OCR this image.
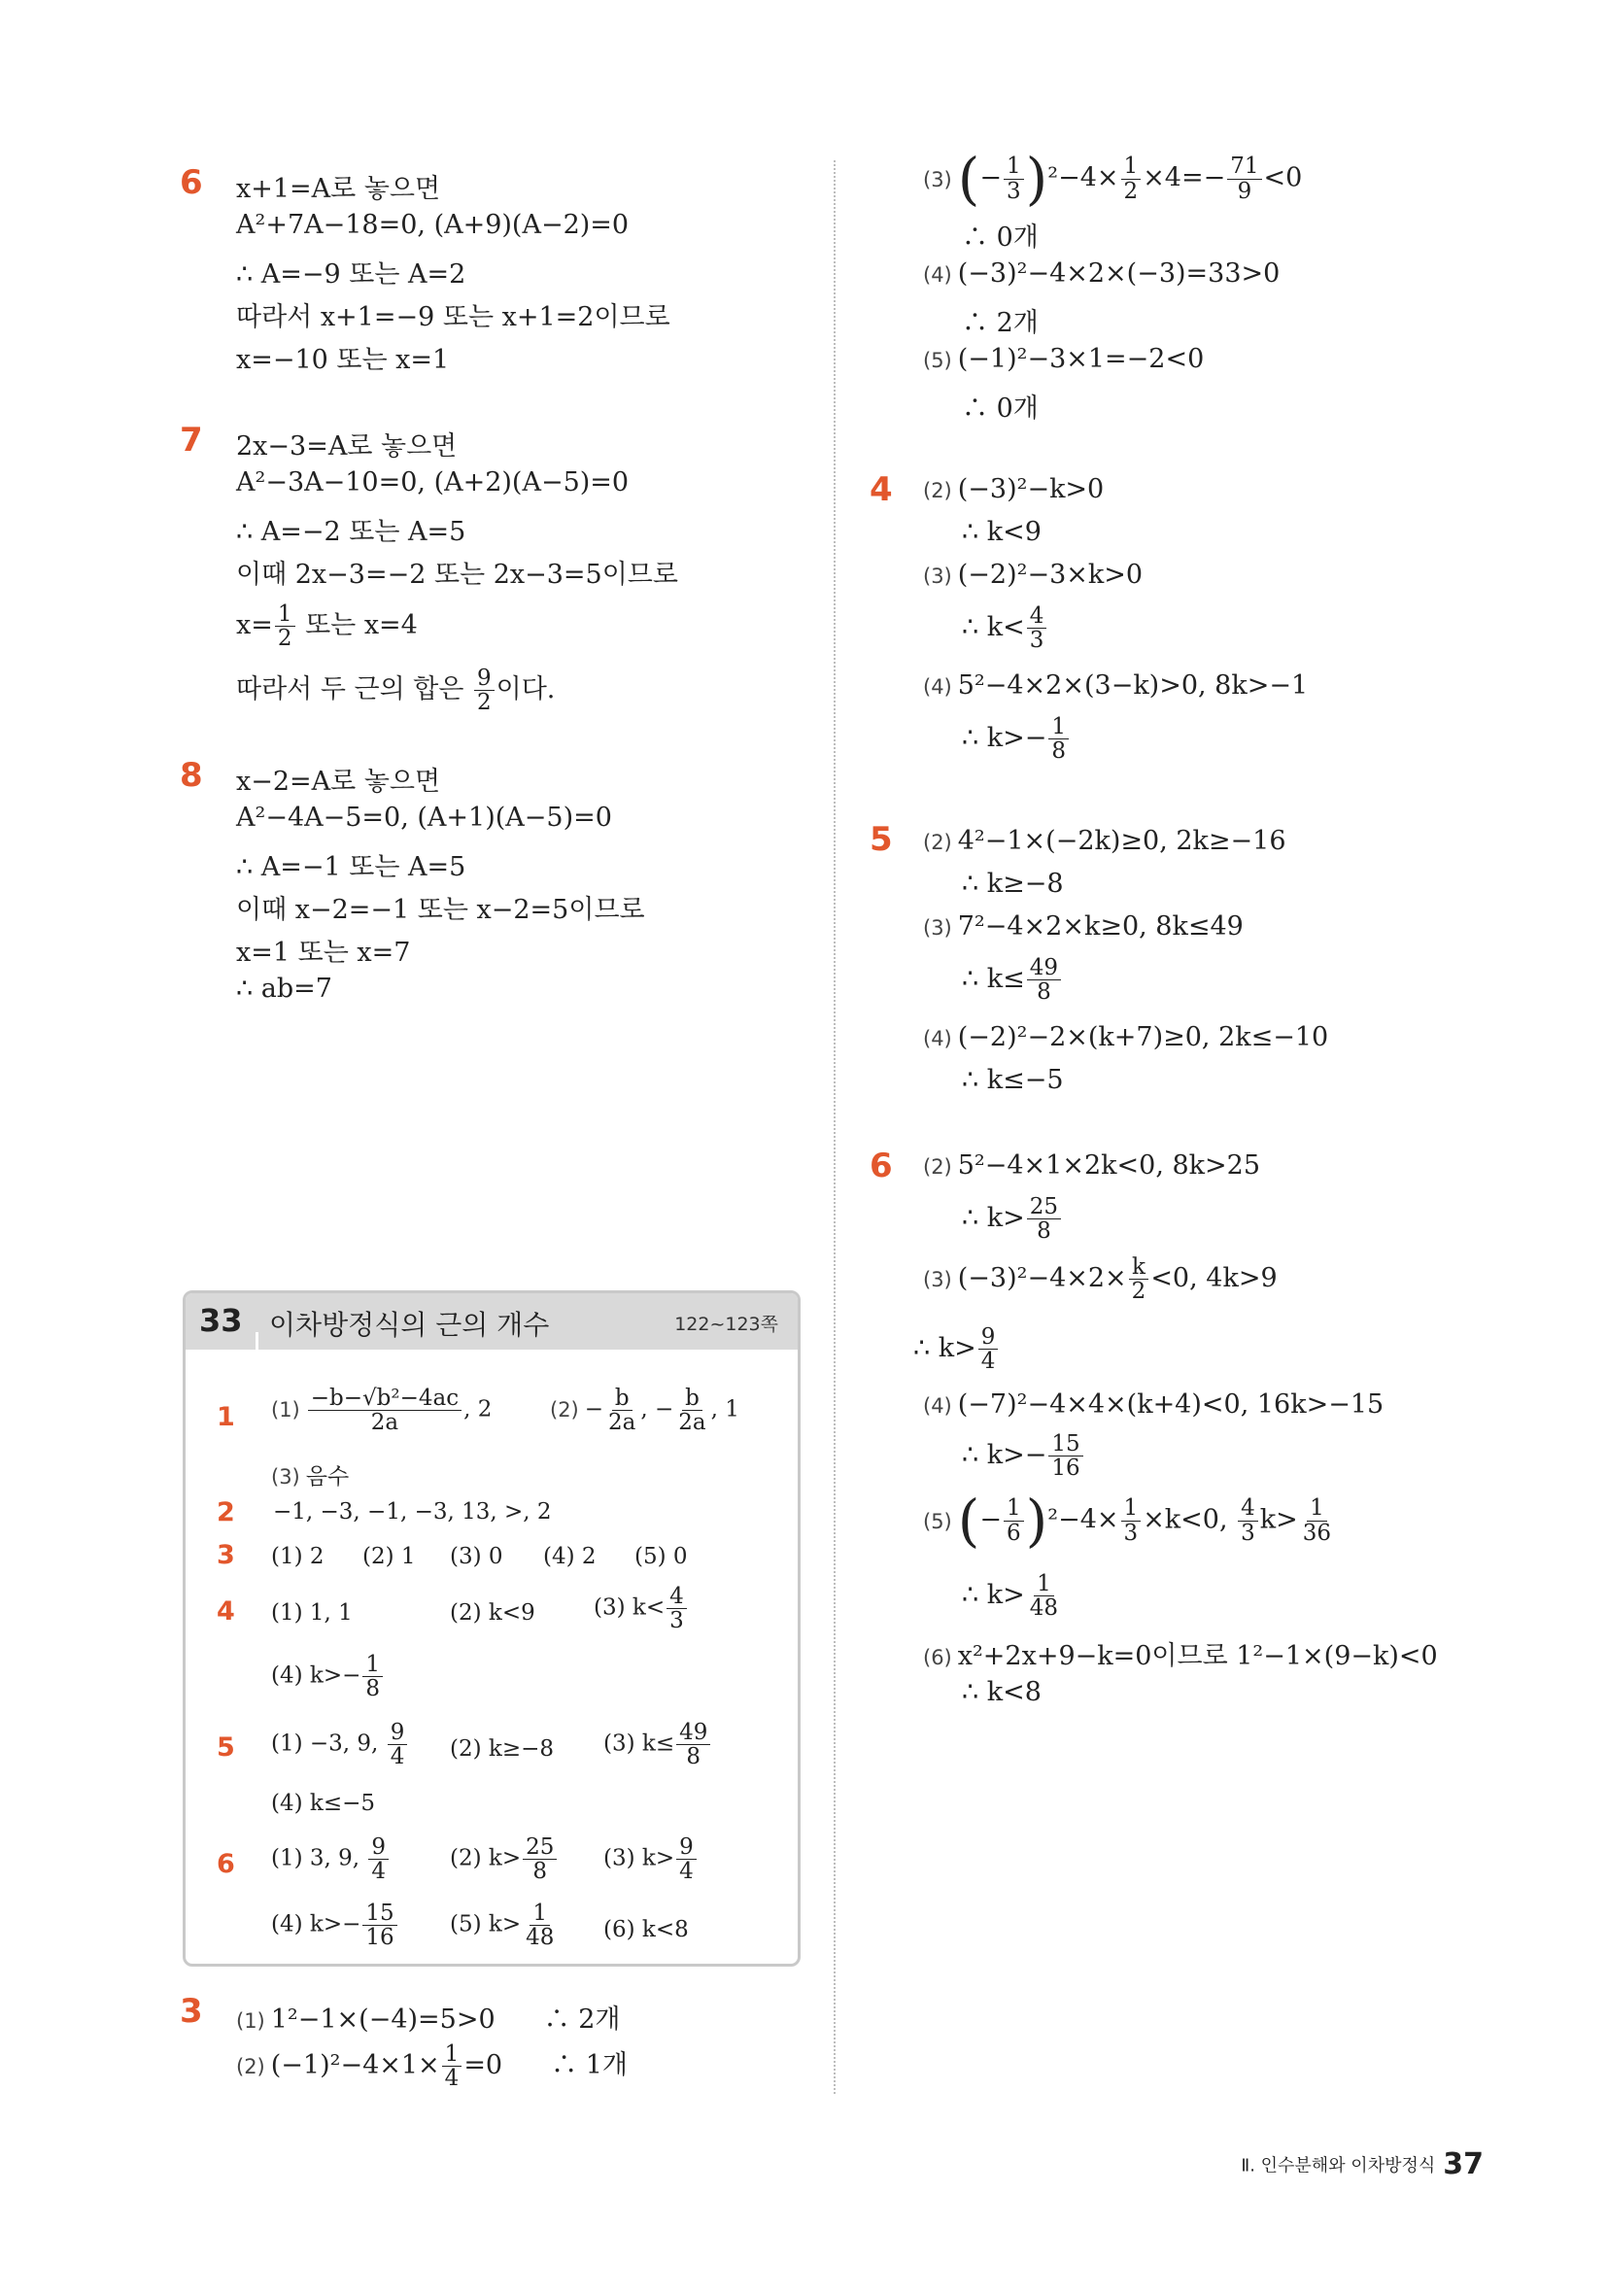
6 x+1=A로 놓으면
A²+7A−18=0, (A+9)(A−2)=0
∴ A=−9 또는 A=2
따라서 x+1=−9 또는 x+1=2이므로
x=−10 또는 x=1
7 2x−3=A로 놓으면
A²−3A−10=0, (A+2)(A−5)=0
∴ A=−2 또는 A=5
이때 2x−3=−2 또는 2x−3=5이므로
$x= \frac{1}{2}$ 또는 x=4
따라서 두 근의 합은 $\frac{9}{2}$ 이다.
8 x−2=A로 놓으면
A²−4A−5=0, (A+1)(A−5)=0
∴ A=−1 또는 A=5
이때 x−2=−1 또는 x−2=5이므로
x=1 또는 x=7
∴ ab=7
33 이차방정식의 근의 개수	122~123쪽
1 $(1) \frac{\text{−b−√b²−4ac}}{2a}$ , 2	$(2) - \frac{b}{2a}$ , − $\frac{b}{2a}$ , 1
(3) 음수
2 −1, −3, −1, −3, 13, >, 2
3 (1) 2 (2) 1 (3) 0 (4) 2 (5) 0
4 (1) 1, 1	(2) k<9	(3) $k< \frac{4}{3}$
(4) $k>- \frac{1}{8}$
5 (1) −3, 9, $\frac{9}{4} (2)$ k≥−8 (3) $k\le \frac{49}{8}$
(4) k≤−5
6 (1) 3, 9, $\frac{9}{4}$	(2) $k> \frac{25}{8} (3)$ $k> \frac{9}{4}$
(4) $k>- \frac{15}{16} (5)$ $k> \frac{1}{48} (6)$ k<8
3 (1) 1²−1×(−4)=5>0 ∴ 2개
(2) $(-1)^2-4\times 1\times \frac{1}{4} =0$ ∴ 1개
(3) (− $\frac{1}{3} )^2-4\times \frac{1}{2} \times 4=- \frac{71}{9} <0$
∴ 0개
(4) (−3)²−4×2×(−3)=33>0
∴ 2개
(5) (−1)²−3×1=−2<0
∴ 0개
4 (2) (−3)²−k>0
∴ k<9
(3) (−2)²−3×k>0
∴ $k< \frac{4}{3}$
(4) 5²−4×2×(3−k)>0, 8k>−1
∴ $k>- \frac{1}{8}$
5 (2) 4²−1×(−2k)≥0, 2k≥−16
∴ k≥−8
(3) 7²−4×2×k≥0, 8k≤49
∴ $k\le \frac{49}{8}$
(4) (−2)²−2×(k+7)≥0, 2k≤−10
∴ k≤−5
6 (2) 5²−4×1×2k<0, 8k>25
∴ $k> \frac{25}{8}$
(3) $(-3)^2-4\times 2\times \frac{k}{2} <0$, 4k>9
∴ $k> \frac{9}{4}$
(4) (−7)²−4×4×(k+4)<0, 16k>−15
∴ $k>- \frac{15}{16}$
(5) (− $\frac{1}{6} )^2-4\times \frac{1}{3} \times k<0$, $\frac{4}{3} k> \frac{1}{36}$
∴ $k> \frac{1}{48}$
(6) x²+2x+9−k=0이므로 1²−1×(9−k)<0
∴ k<8
Ⅱ. 인수분해와 이차방정식 37
